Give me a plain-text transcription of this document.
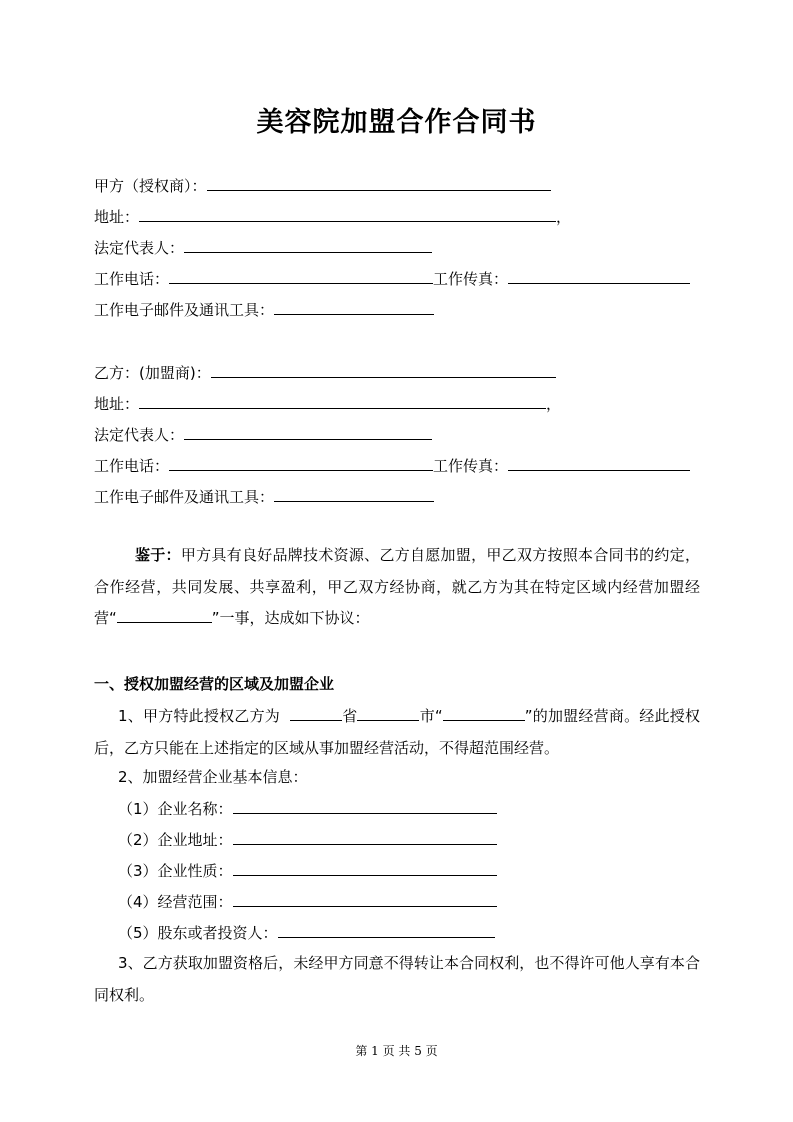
美容院加盟合作合同书
甲方（授权商）：
地址：	，
法定代表人：
工作电话：	工作传真：
工作电子邮件及通讯工具：
乙方：(加盟商)：
地址：	，
法定代表人：
工作电话：	工作传真：
工作电子邮件及通讯工具：
鉴于：甲方具有良好品牌技术资源、乙方自愿加盟，甲乙双方按照本合同书的约定，合作经营，共同发展、共享盈利，甲乙双方经协商，就乙方为其在特定区域内经营加盟经营“	”一事，达成如下协议：
一、授权加盟经营的区域及加盟企业
1、甲方特此授权乙方为	省	市“	”的加盟经营商。经此授权后，乙方只能在上述指定的区域从事加盟经营活动，不得超范围经营。
2、加盟经营企业基本信息：
（1）企业名称：
（2）企业地址：
（3）企业性质：
（4）经营范围：
（5）股东或者投资人：
3、乙方获取加盟资格后，未经甲方同意不得转让本合同权利，也不得许可他人享有本合同权利。
第 1 页 共 5 页
